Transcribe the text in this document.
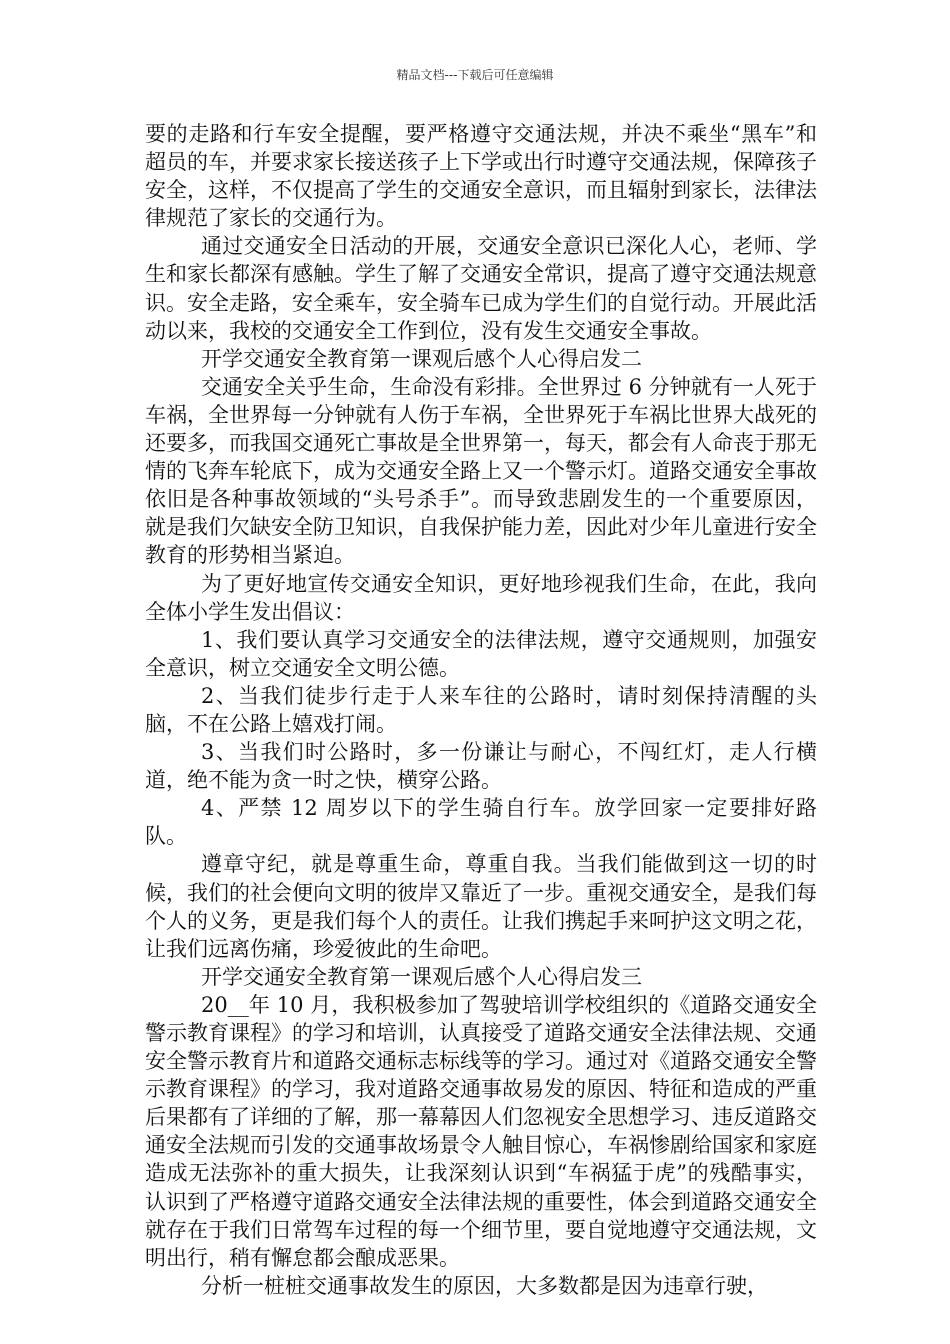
精品文档---下载后可任意编辑

要的走路和行车安全提醒，要严格遵守交通法规，并决不乘坐“黑车”和超员的车，并要求家长接送孩子上下学或出行时遵守交通法规，保障孩子安全，这样，不仅提高了学生的交通安全意识，而且辐射到家长，法律法律规范了家长的交通行为。

通过交通安全日活动的开展，交通安全意识已深化人心，老师、学生和家长都深有感触。学生了解了交通安全常识，提高了遵守交通法规意识。安全走路，安全乘车，安全骑车已成为学生们的自觉行动。开展此活动以来，我校的交通安全工作到位，没有发生交通安全事故。

开学交通安全教育第一课观后感个人心得启发二

交通安全关乎生命，生命没有彩排。全世界过 6 分钟就有一人死于车祸，全世界每一分钟就有人伤于车祸，全世界死于车祸比世界大战死的还要多，而我国交通死亡事故是全世界第一，每天，都会有人命丧于那无情的飞奔车轮底下，成为交通安全路上又一个警示灯。道路交通安全事故依旧是各种事故领域的“头号杀手”。而导致悲剧发生的一个重要原因，就是我们欠缺安全防卫知识，自我保护能力差，因此对少年儿童进行安全教育的形势相当紧迫。

为了更好地宣传交通安全知识，更好地珍视我们生命，在此，我向全体小学生发出倡议：

1、我们要认真学习交通安全的法律法规，遵守交通规则，加强安全意识，树立交通安全文明公德。

2、当我们徒步行走于人来车往的公路时，请时刻保持清醒的头脑，不在公路上嬉戏打闹。

3、当我们时公路时，多一份谦让与耐心，不闯红灯，走人行横道，绝不能为贪一时之快，横穿公路。

4、严禁 12 周岁以下的学生骑自行车。放学回家一定要排好路队。

遵章守纪，就是尊重生命，尊重自我。当我们能做到这一切的时候，我们的社会便向文明的彼岸又靠近了一步。重视交通安全，是我们每个人的义务，更是我们每个人的责任。让我们携起手来呵护这文明之花，让我们远离伤痛，珍爱彼此的生命吧。

开学交通安全教育第一课观后感个人心得启发三

20__年 10 月，我积极参加了驾驶培训学校组织的《道路交通安全警示教育课程》的学习和培训，认真接受了道路交通安全法律法规、交通安全警示教育片和道路交通标志标线等的学习。通过对《道路交通安全警示教育课程》的学习，我对道路交通事故易发的原因、特征和造成的严重后果都有了详细的了解，那一幕幕因人们忽视安全思想学习、违反道路交通安全法规而引发的交通事故场景令人触目惊心，车祸惨剧给国家和家庭造成无法弥补的重大损失，让我深刻认识到“车祸猛于虎”的残酷事实，认识到了严格遵守道路交通安全法律法规的重要性，体会到道路交通安全就存在于我们日常驾车过程的每一个细节里，要自觉地遵守交通法规，文明出行，稍有懈怠都会酿成恶果。

分析一桩桩交通事故发生的原因，大多数都是因为违章行驶，
